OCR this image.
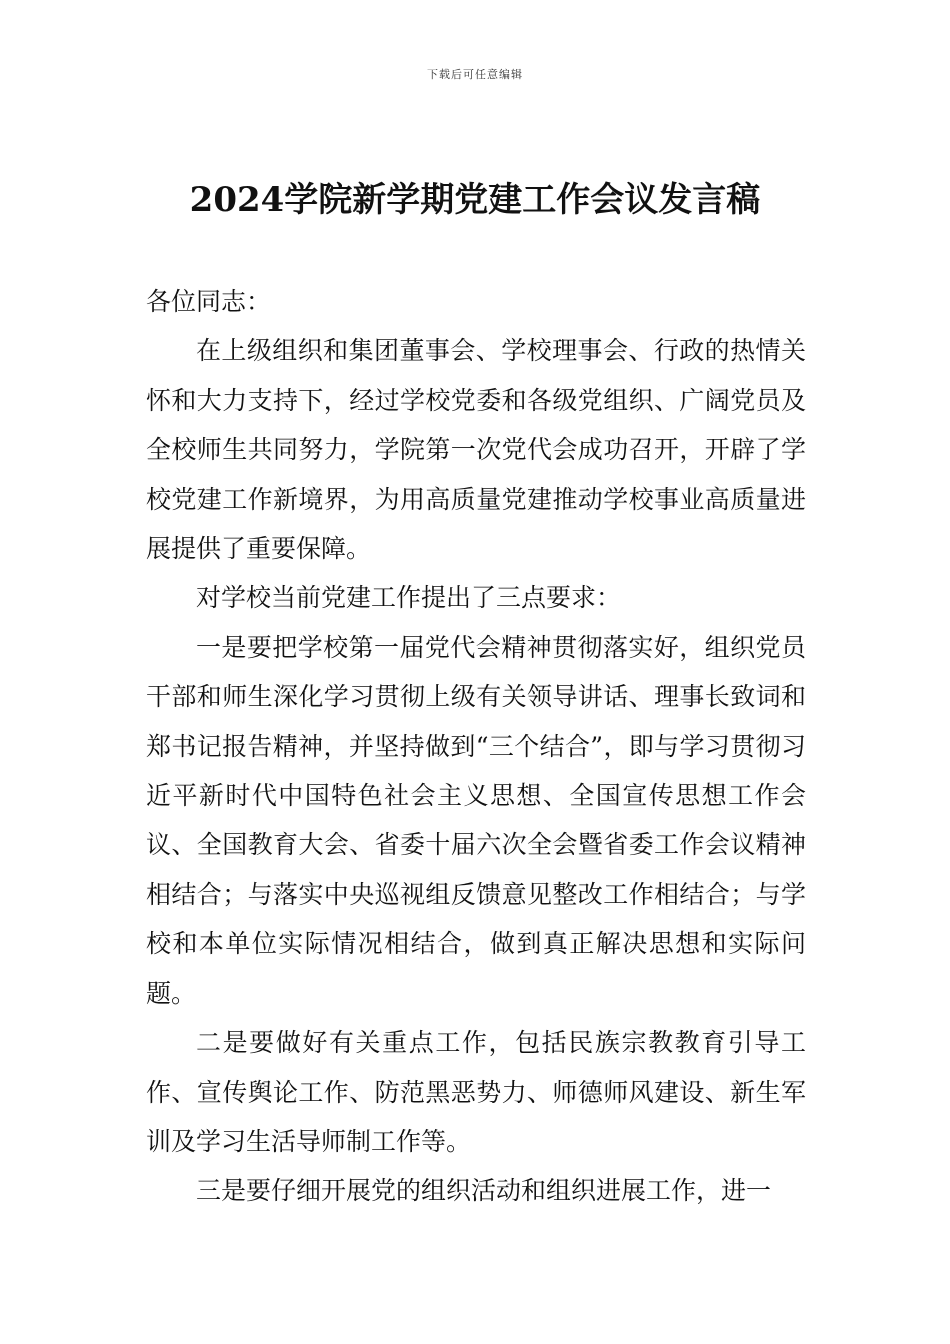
下载后可任意编辑
2024学院新学期党建工作会议发言稿

各位同志：

在上级组织和集团董事会、学校理事会、行政的热情关怀和大力支持下，经过学校党委和各级党组织、广阔党员及全校师生共同努力，学院第一次党代会成功召开，开辟了学校党建工作新境界，为用高质量党建推动学校事业高质量进展提供了重要保障。

对学校当前党建工作提出了三点要求：

一是要把学校第一届党代会精神贯彻落实好，组织党员干部和师生深化学习贯彻上级有关领导讲话、理事长致词和郑书记报告精神，并坚持做到“三个结合”，即与学习贯彻习近平新时代中国特色社会主义思想、全国宣传思想工作会议、全国教育大会、省委十届六次全会暨省委工作会议精神相结合；与落实中央巡视组反馈意见整改工作相结合；与学校和本单位实际情况相结合，做到真正解决思想和实际问题。

二是要做好有关重点工作，包括民族宗教教育引导工作、宣传舆论工作、防范黑恶势力、师德师风建设、新生军训及学习生活导师制工作等。

三是要仔细开展党的组织活动和组织进展工作，进一
